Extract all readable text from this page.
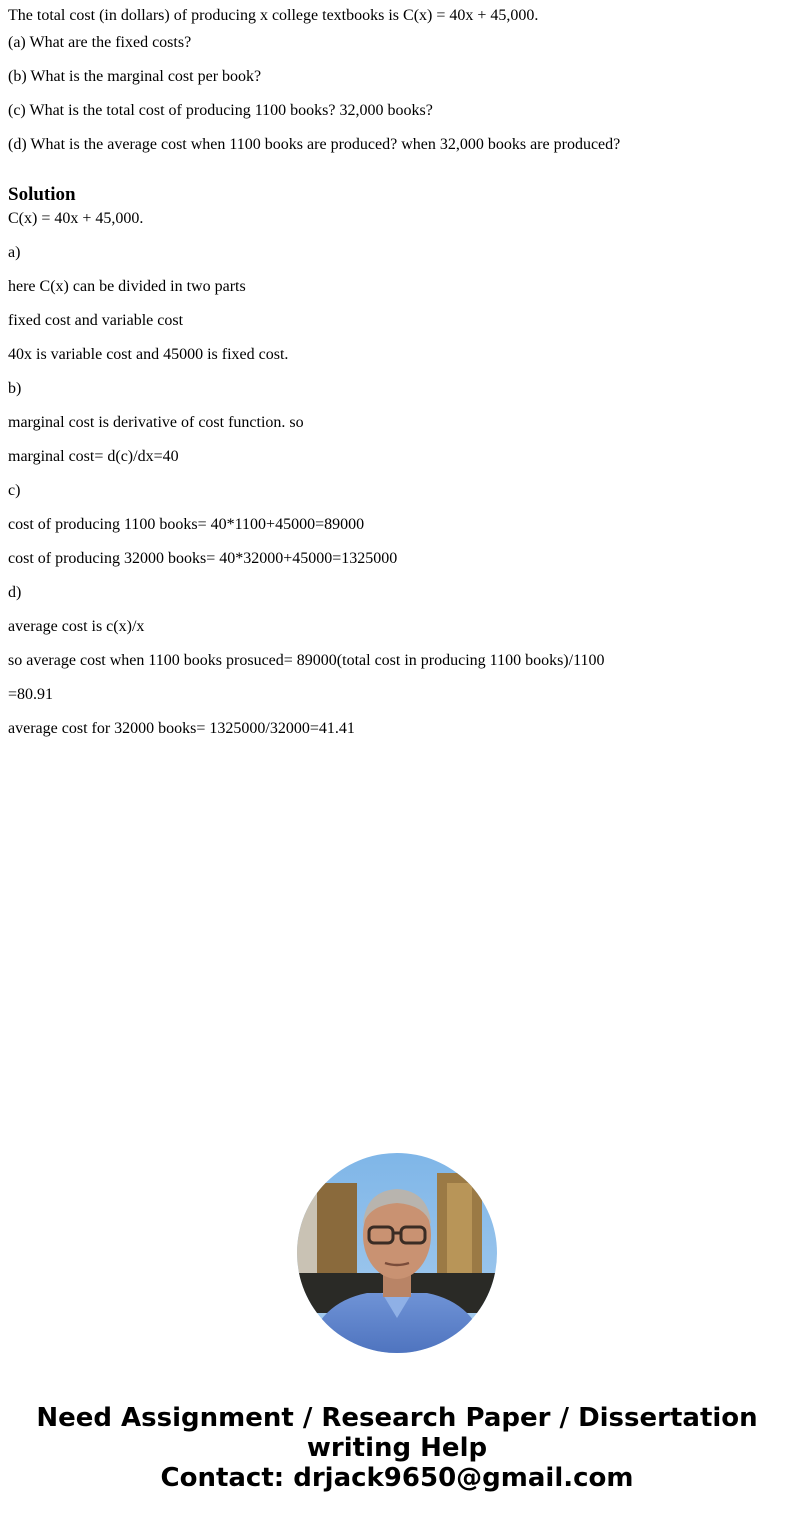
The total cost (in dollars) of producing x college textbooks is C(x) = 40x + 45,000.

(a) What are the fixed costs?

(b) What is the marginal cost per book?

(c) What is the total cost of producing 1100 books? 32,000 books?

(d) What is the average cost when 1100 books are produced? when 32,000 books are produced?

Solution

C(x) = 40x + 45,000.

a)

here C(x) can be divided in two parts

fixed cost and variable cost

40x is variable cost and 45000 is fixed cost.

b)

marginal cost is derivative of cost function. so

marginal cost= d(c)/dx=40

c)

cost of producing 1100 books= 40*1100+45000=89000

cost of producing 32000 books= 40*32000+45000=1325000

d)

average cost is c(x)/x

so average cost when 1100 books prosuced= 89000(total cost in producing 1100 books)/1100

=80.91

average cost for 32000 books= 1325000/32000=41.41

Need Assignment / Research Paper / Dissertation
writing Help
Contact: drjack9650@gmail.com
